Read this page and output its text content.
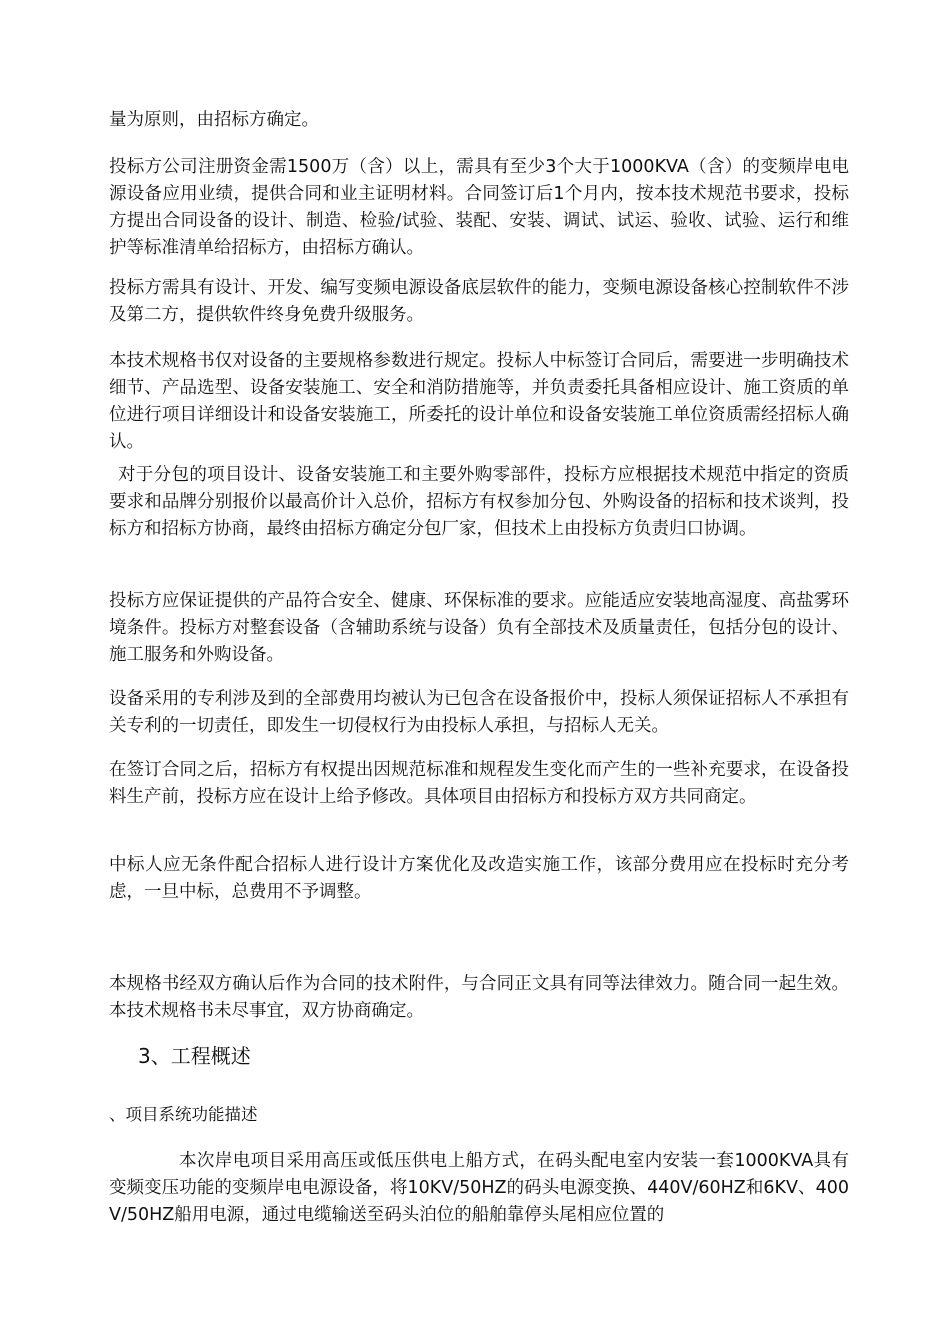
量为原则，由招标方确定。

投标方公司注册资金需1500万（含）以上，需具有至少3个大于1000KVA（含）的变频岸电电源设备应用业绩，提供合同和业主证明材料。合同签订后1个月内，按本技术规范书要求，投标方提出合同设备的设计、制造、检验/试验、装配、安装、调试、试运、验收、试验、运行和维护等标准清单给招标方，由招标方确认。

投标方需具有设计、开发、编写变频电源设备底层软件的能力，变频电源设备核心控制软件不涉及第二方，提供软件终身免费升级服务。

本技术规格书仅对设备的主要规格参数进行规定。投标人中标签订合同后，需要进一步明确技术细节、产品选型、设备安装施工、安全和消防措施等，并负责委托具备相应设计、施工资质的单位进行项目详细设计和设备安装施工，所委托的设计单位和设备安装施工单位资质需经招标人确认。

对于分包的项目设计、设备安装施工和主要外购零部件，投标方应根据技术规范中指定的资质要求和品牌分别报价以最高价计入总价，招标方有权参加分包、外购设备的招标和技术谈判，投标方和招标方协商，最终由招标方确定分包厂家，但技术上由投标方负责归口协调。

投标方应保证提供的产品符合安全、健康、环保标准的要求。应能适应安装地高湿度、高盐雾环境条件。投标方对整套设备（含辅助系统与设备）负有全部技术及质量责任，包括分包的设计、施工服务和外购设备。

设备采用的专利涉及到的全部费用均被认为已包含在设备报价中，投标人须保证招标人不承担有关专利的一切责任，即发生一切侵权行为由投标人承担，与招标人无关。

在签订合同之后，招标方有权提出因规范标准和规程发生变化而产生的一些补充要求，在设备投料生产前，投标方应在设计上给予修改。具体项目由招标方和投标方双方共同商定。

中标人应无条件配合招标人进行设计方案优化及改造实施工作，该部分费用应在投标时充分考虑，一旦中标，总费用不予调整。

本规格书经双方确认后作为合同的技术附件，与合同正文具有同等法律效力。随合同一起生效。本技术规格书未尽事宜，双方协商确定。

3、工程概述
、项目系统功能描述

本次岸电项目采用高压或低压供电上船方式，在码头配电室内安装一套1000KVA具有变频变压功能的变频岸电电源设备，将10KV/50HZ的码头电源变换、440V/60HZ和6KV、400V/50HZ船用电源，通过电缆输送至码头泊位的船舶靠停头尾相应位置的
